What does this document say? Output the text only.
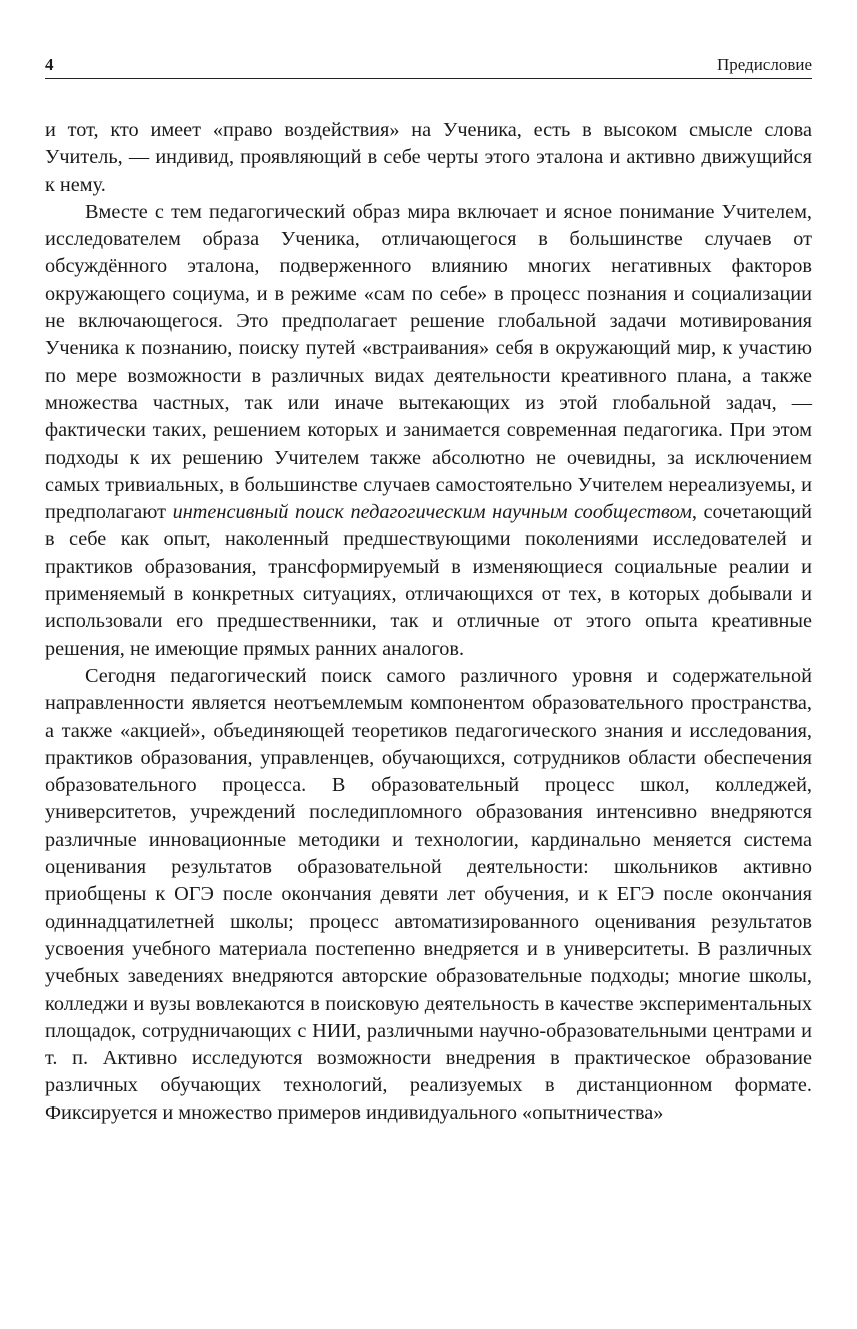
4	Предисловие

и тот, кто имеет «право воздействия» на Ученика, есть в высоком смысле слова Учитель, — индивид, проявляющий в себе черты этого эталона и активно движущийся к нему.

Вместе с тем педагогический образ мира включает и ясное понимание Учителем, исследователем образа Ученика, отличающегося в большинстве случаев от обсуждённого эталона, подверженного влиянию многих негативных факторов окружающего социума, и в режиме «сам по себе» в процесс познания и социализации не включающегося. Это предполагает решение глобальной задачи мотивирования Ученика к познанию, поиску путей «встраивания» себя в окружающий мир, к участию по мере возможности в различных видах деятельности креативного плана, а также множества частных, так или иначе вытекающих из этой глобальной задач, — фактически таких, решением которых и занимается современная педагогика. При этом подходы к их решению Учителем также абсолютно не очевидны, за исключением самых тривиальных, в большинстве случаев самостоятельно Учителем нереализуемы, и предполагают интенсивный поиск педагогическим научным сообществом, сочетающий в себе как опыт, наколенный предшествующими поколениями исследователей и практиков образования, трансформируемый в изменяющиеся социальные реалии и применяемый в конкретных ситуациях, отличающихся от тех, в которых добывали и использовали его предшественники, так и отличные от этого опыта креативные решения, не имеющие прямых ранних аналогов.

Сегодня педагогический поиск самого различного уровня и содержательной направленности является неотъемлемым компонентом образовательного пространства, а также «акцией», объединяющей теоретиков педагогического знания и исследования, практиков образования, управленцев, обучающихся, сотрудников области обеспечения образовательного процесса. В образовательный процесс школ, колледжей, университетов, учреждений последипломного образования интенсивно внедряются различные инновационные методики и технологии, кардинально меняется система оценивания результатов образовательной деятельности: школьников активно приобщены к ОГЭ после окончания девяти лет обучения, и к ЕГЭ после окончания одиннадцатилетней школы; процесс автоматизированного оценивания результатов усвоения учебного материала постепенно внедряется и в университеты. В различных учебных заведениях внедряются авторские образовательные подходы; многие школы, колледжи и вузы вовлекаются в поисковую деятельность в качестве экспериментальных площадок, сотрудничающих с НИИ, различными научно-образовательными центрами и т. п. Активно исследуются возможности внедрения в практическое образование различных обучающих технологий, реализуемых в дистанционном формате. Фиксируется и множество примеров индивидуального «опытничества»
